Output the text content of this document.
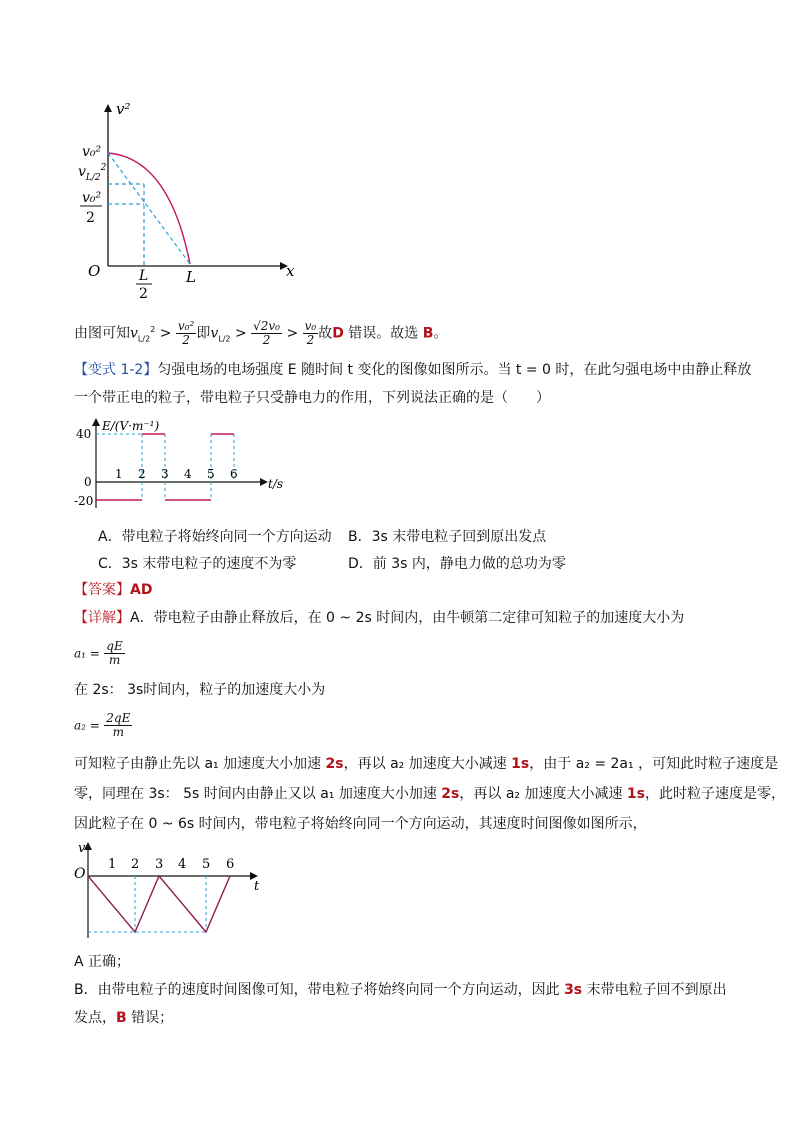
v²
O	x
v₀²
$v_{L/2}^2$
v₀²
2
L
2
L
由图可知$v_{L/2}^2 > \frac{\text{v₀²}}{2}$ 即$v_{L/2} > \frac{\text{√2v₀}}{2} > \frac{\text{v₀}}{2}$ 故D 错误。故选 B。
【变式 1-2】匀强电场的电场强度 E 随时间 t 变化的图像如图所示。当 t = 0 时，在此匀强电场中由静止释放
一个带正电的粒子，带电粒子只受静电力的作用，下列说法正确的是（　　）
E/(V·m⁻¹)
t/s
40
0
-20
1 2 3 4 5 6
A．带电粒子将始终向同一个方向运动 B．3s 末带电粒子回到原出发点
C．3s 末带电粒子的速度不为零	D．前 3s 内，静电力做的总功为零
【答案】AD
【详解】A．带电粒子由静止释放后，在 0 ~ 2s 时间内，由牛顿第二定律可知粒子的加速度大小为
$a_1 = \frac{qE}{m}$
在 2s： 3s时间内，粒子的加速度大小为
$a_2 = \frac{2qE}{m}$
可知粒子由静止先以 a₁ 加速度大小加速 2s，再以 a₂ 加速度大小减速 1s，由于 a₂ = 2a₁ ，可知此时粒子速度是
零，同理在 3s： 5s 时间内由静止又以 a₁ 加速度大小加速 2s，再以 a₂ 加速度大小减速 1s，此时粒子速度是零，
因此粒子在 0 ~ 6s 时间内，带电粒子将始终向同一个方向运动，其速度时间图像如图所示，
v
O
t
1 2 3 4 5 6
A 正确；
B．由带电粒子的速度时间图像可知，带电粒子将始终向同一个方向运动，因此 3s 末带电粒子回不到原出
发点，B 错误；
